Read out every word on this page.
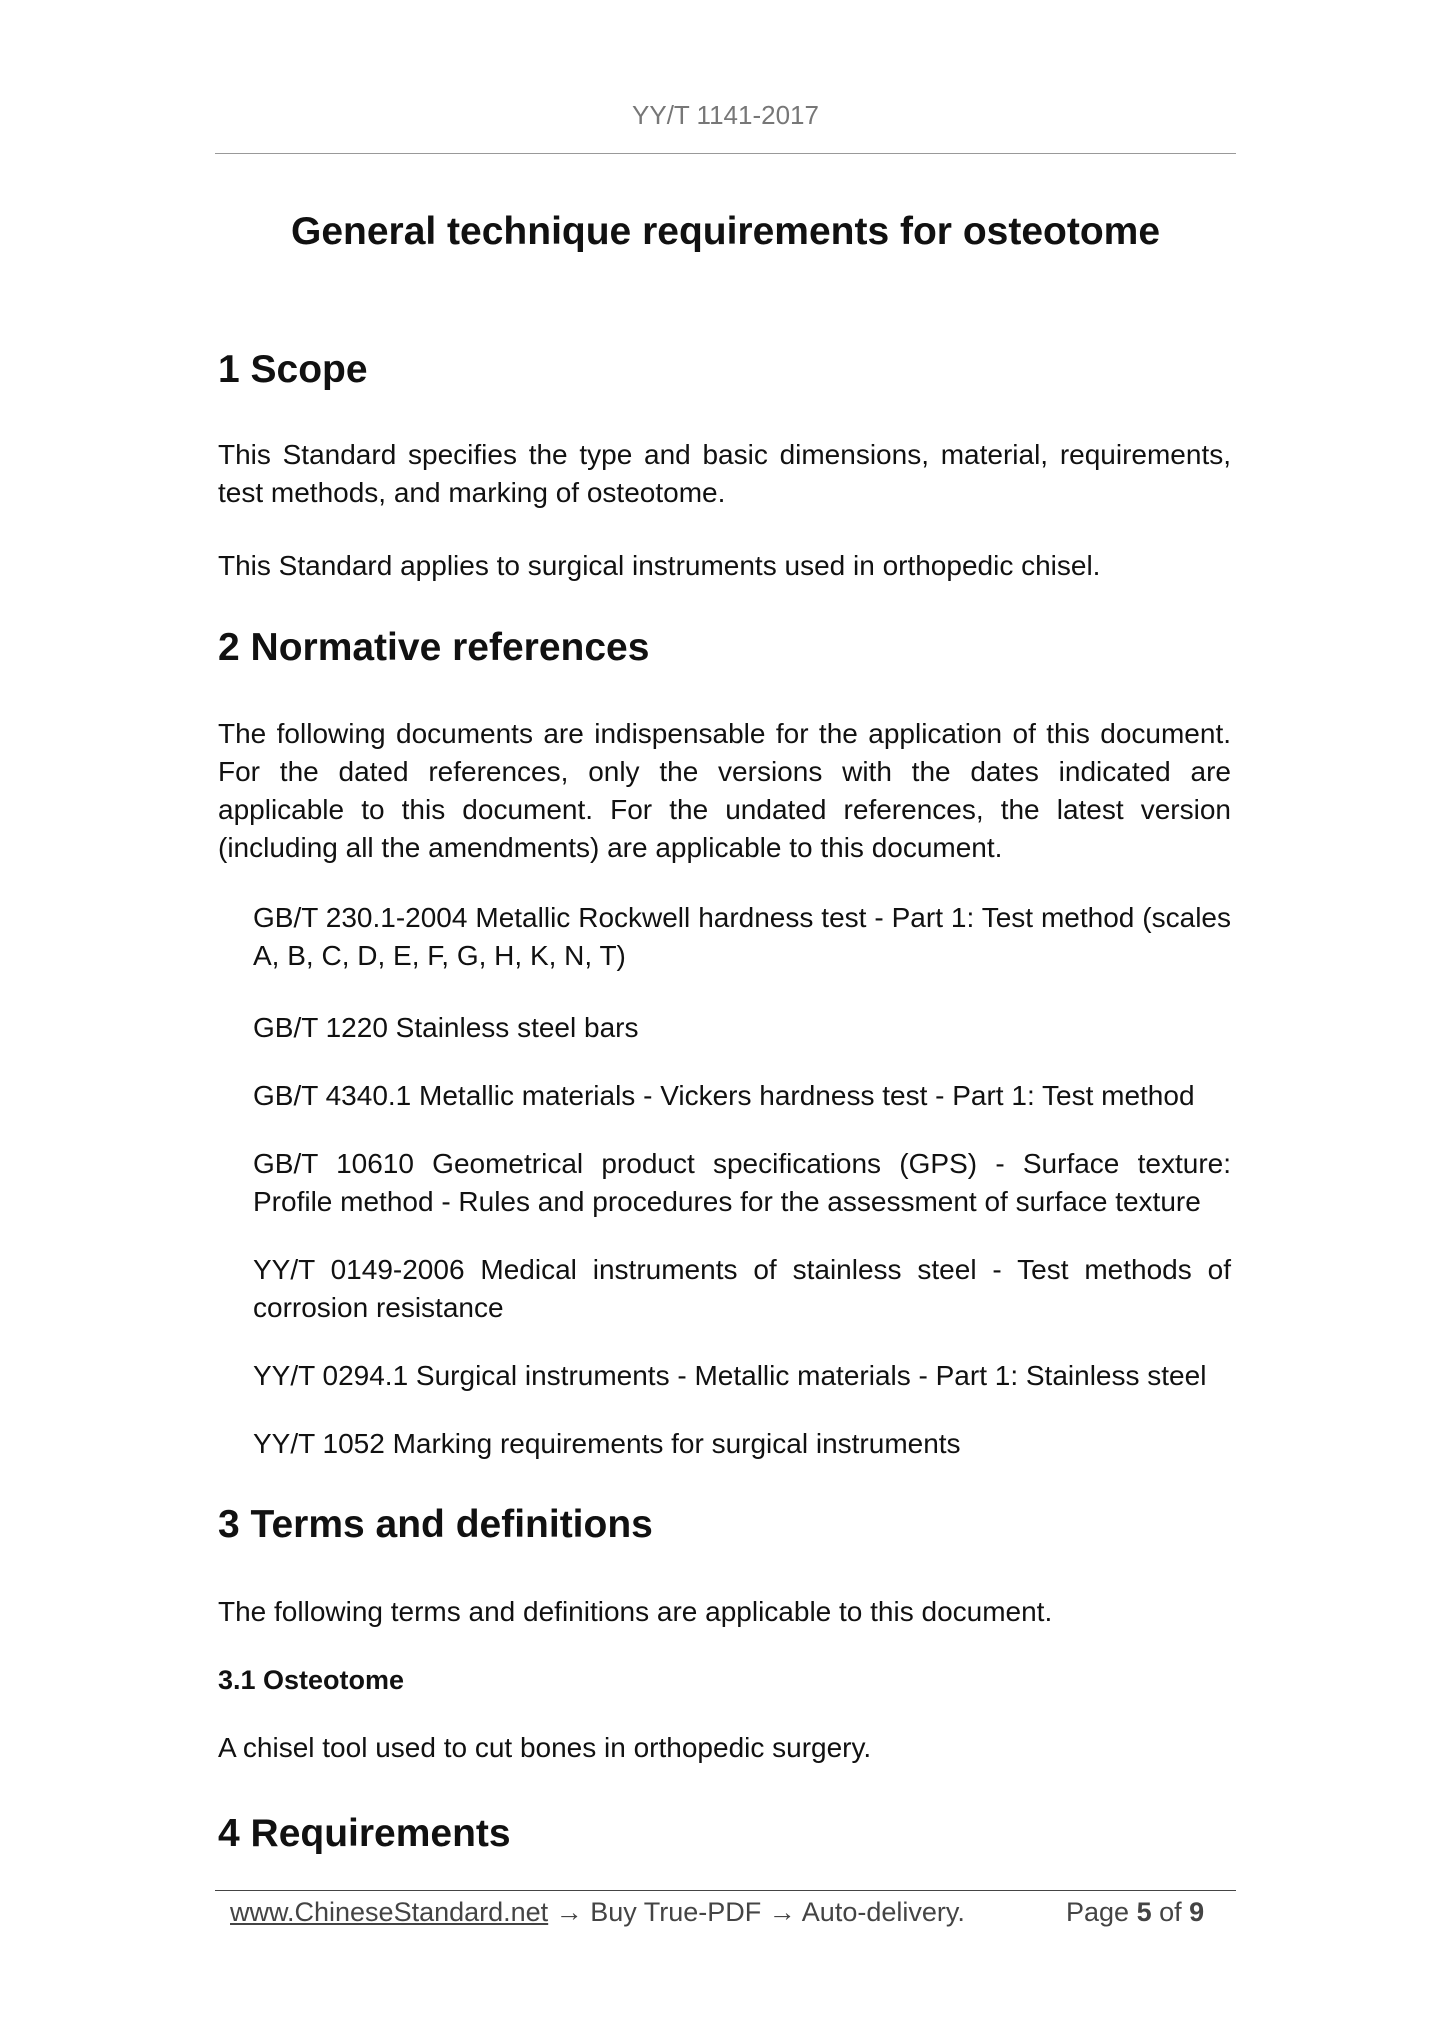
YY/T 1141-2017
General technique requirements for osteotome
1 Scope
This Standard specifies the type and basic dimensions, material, requirements, test methods, and marking of osteotome.
This Standard applies to surgical instruments used in orthopedic chisel.
2 Normative references
The following documents are indispensable for the application of this document. For the dated references, only the versions with the dates indicated are applicable to this document. For the undated references, the latest version (including all the amendments) are applicable to this document.
GB/T 230.1-2004 Metallic Rockwell hardness test - Part 1: Test method (scales A, B, C, D, E, F, G, H, K, N, T)
GB/T 1220 Stainless steel bars
GB/T 4340.1 Metallic materials - Vickers hardness test - Part 1: Test method
GB/T 10610 Geometrical product specifications (GPS) - Surface texture: Profile method - Rules and procedures for the assessment of surface texture
YY/T 0149-2006 Medical instruments of stainless steel - Test methods of corrosion resistance
YY/T 0294.1 Surgical instruments - Metallic materials - Part 1: Stainless steel
YY/T 1052 Marking requirements for surgical instruments
3 Terms and definitions
The following terms and definitions are applicable to this document.
3.1 Osteotome
A chisel tool used to cut bones in orthopedic surgery.
4 Requirements
www.ChineseStandard.net → Buy True-PDF → Auto-delivery.	Page 5 of 9
